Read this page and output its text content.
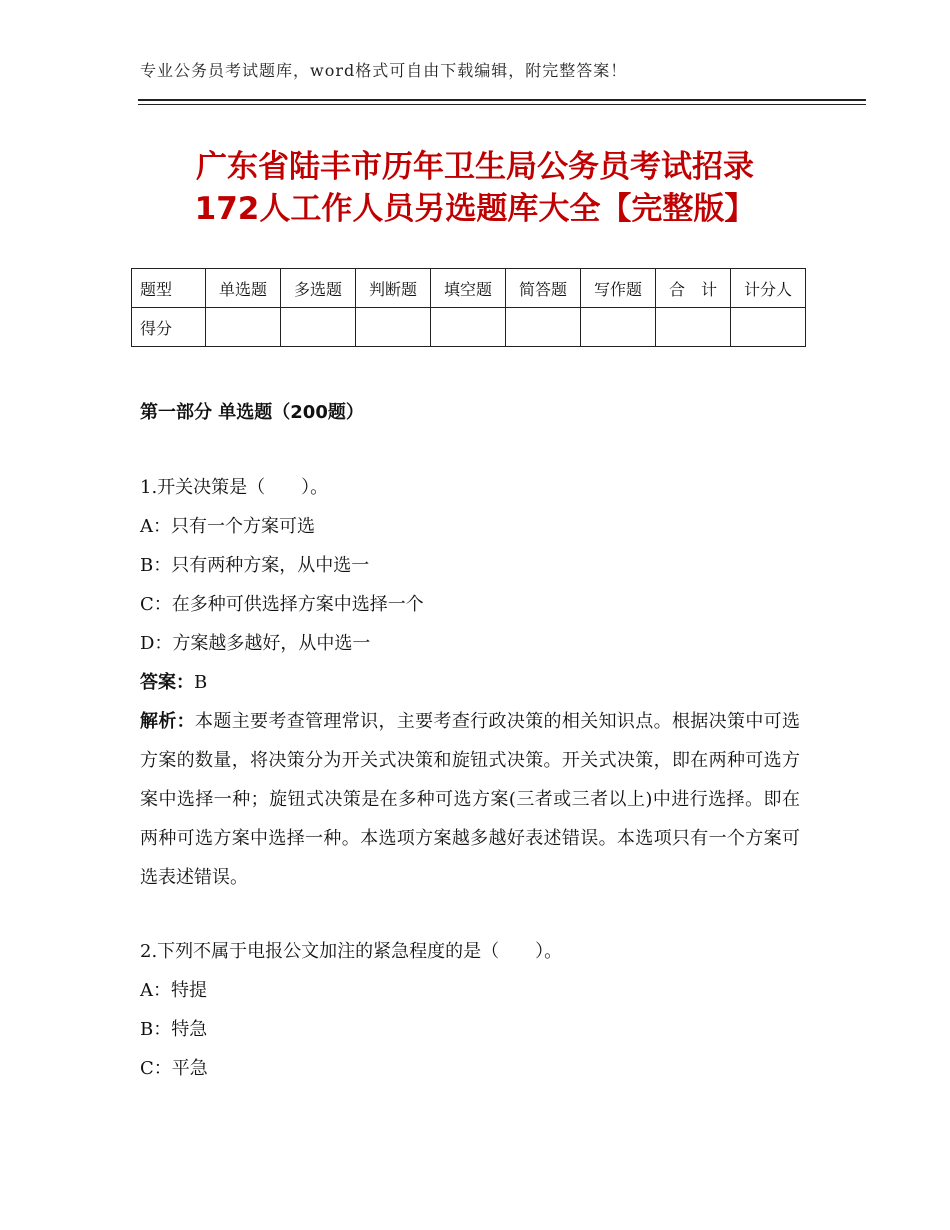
专业公务员考试题库，word格式可自由下载编辑，附完整答案！
广东省陆丰市历年卫生局公务员考试招录
172人工作人员另选题库大全【完整版】
题型	单选题	多选题	判断题	填空题	简答题	写作题	合　计	计分人
得分								
第一部分 单选题（200题）
1.开关决策是（　　）。
A：只有一个方案可选
B：只有两种方案，从中选一
C：在多种可供选择方案中选择一个
D：方案越多越好，从中选一
答案：B
解析：本题主要考查管理常识，主要考查行政决策的相关知识点。根据决策中可选方案的数量，将决策分为开关式决策和旋钮式决策。开关式决策，即在两种可选方案中选择一种；旋钮式决策是在多种可选方案(三者或三者以上)中进行选择。即在两种可选方案中选择一种。本选项方案越多越好表述错误。本选项只有一个方案可选表述错误。
2.下列不属于电报公文加注的紧急程度的是（　　）。
A：特提
B：特急
C：平急
